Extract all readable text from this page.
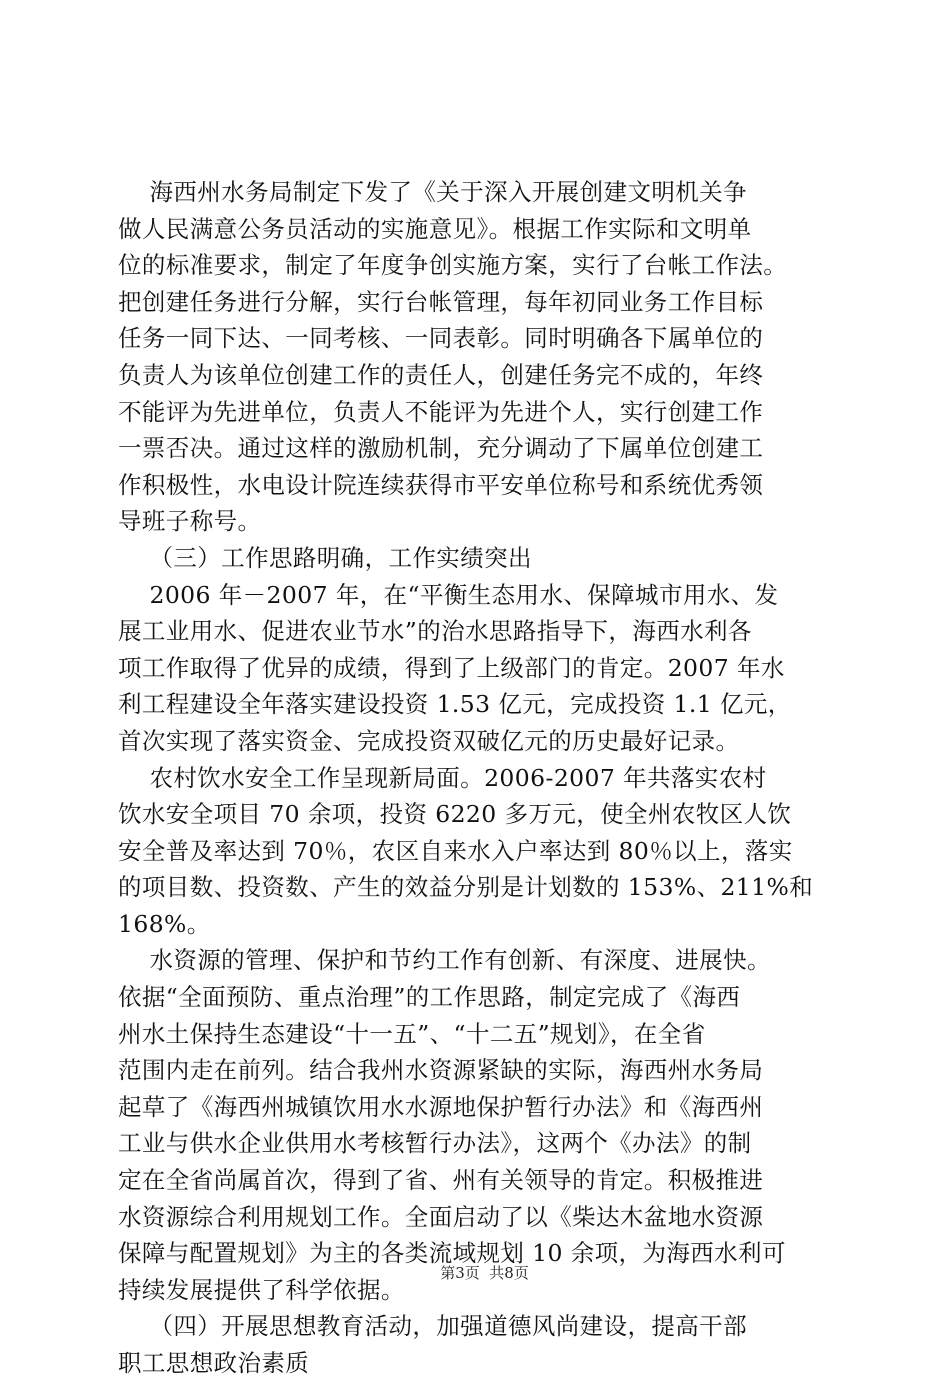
海西州水务局制定下发了《关于深入开展创建文明机关争
做人民满意公务员活动的实施意见》。根据工作实际和文明单
位的标准要求，制定了年度争创实施方案，实行了台帐工作法。
把创建任务进行分解，实行台帐管理，每年初同业务工作目标
任务一同下达、一同考核、一同表彰。同时明确各下属单位的
负责人为该单位创建工作的责任人，创建任务完不成的，年终
不能评为先进单位，负责人不能评为先进个人，实行创建工作
一票否决。通过这样的激励机制，充分调动了下属单位创建工
作积极性，水电设计院连续获得市平安单位称号和系统优秀领
导班子称号。
（三）工作思路明确，工作实绩突出
2006 年－2007 年，在“平衡生态用水、保障城市用水、发
展工业用水、促进农业节水”的治水思路指导下，海西水利各
项工作取得了优异的成绩，得到了上级部门的肯定。2007 年水
利工程建设全年落实建设投资 1.53 亿元，完成投资 1.1 亿元，
首次实现了落实资金、完成投资双破亿元的历史最好记录。
农村饮水安全工作呈现新局面。2006-2007 年共落实农村
饮水安全项目 70 余项，投资 6220 多万元，使全州农牧区人饮
安全普及率达到 70％，农区自来水入户率达到 80％以上，落实
的项目数、投资数、产生的效益分别是计划数的 153%、211%和
168%。
水资源的管理、保护和节约工作有创新、有深度、进展快。
依据“全面预防、重点治理”的工作思路，制定完成了《海西
州水土保持生态建设“十一五”、“十二五”规划》，在全省
范围内走在前列。结合我州水资源紧缺的实际，海西州水务局
起草了《海西州城镇饮用水水源地保护暂行办法》和《海西州
工业与供水企业供用水考核暂行办法》，这两个《办法》的制
定在全省尚属首次，得到了省、州有关领导的肯定。积极推进
水资源综合利用规划工作。全面启动了以《柴达木盆地水资源
保障与配置规划》为主的各类流域规划 10 余项，为海西水利可
持续发展提供了科学依据。
（四）开展思想教育活动，加强道德风尚建设，提高干部
职工思想政治素质

第3页  共8页
